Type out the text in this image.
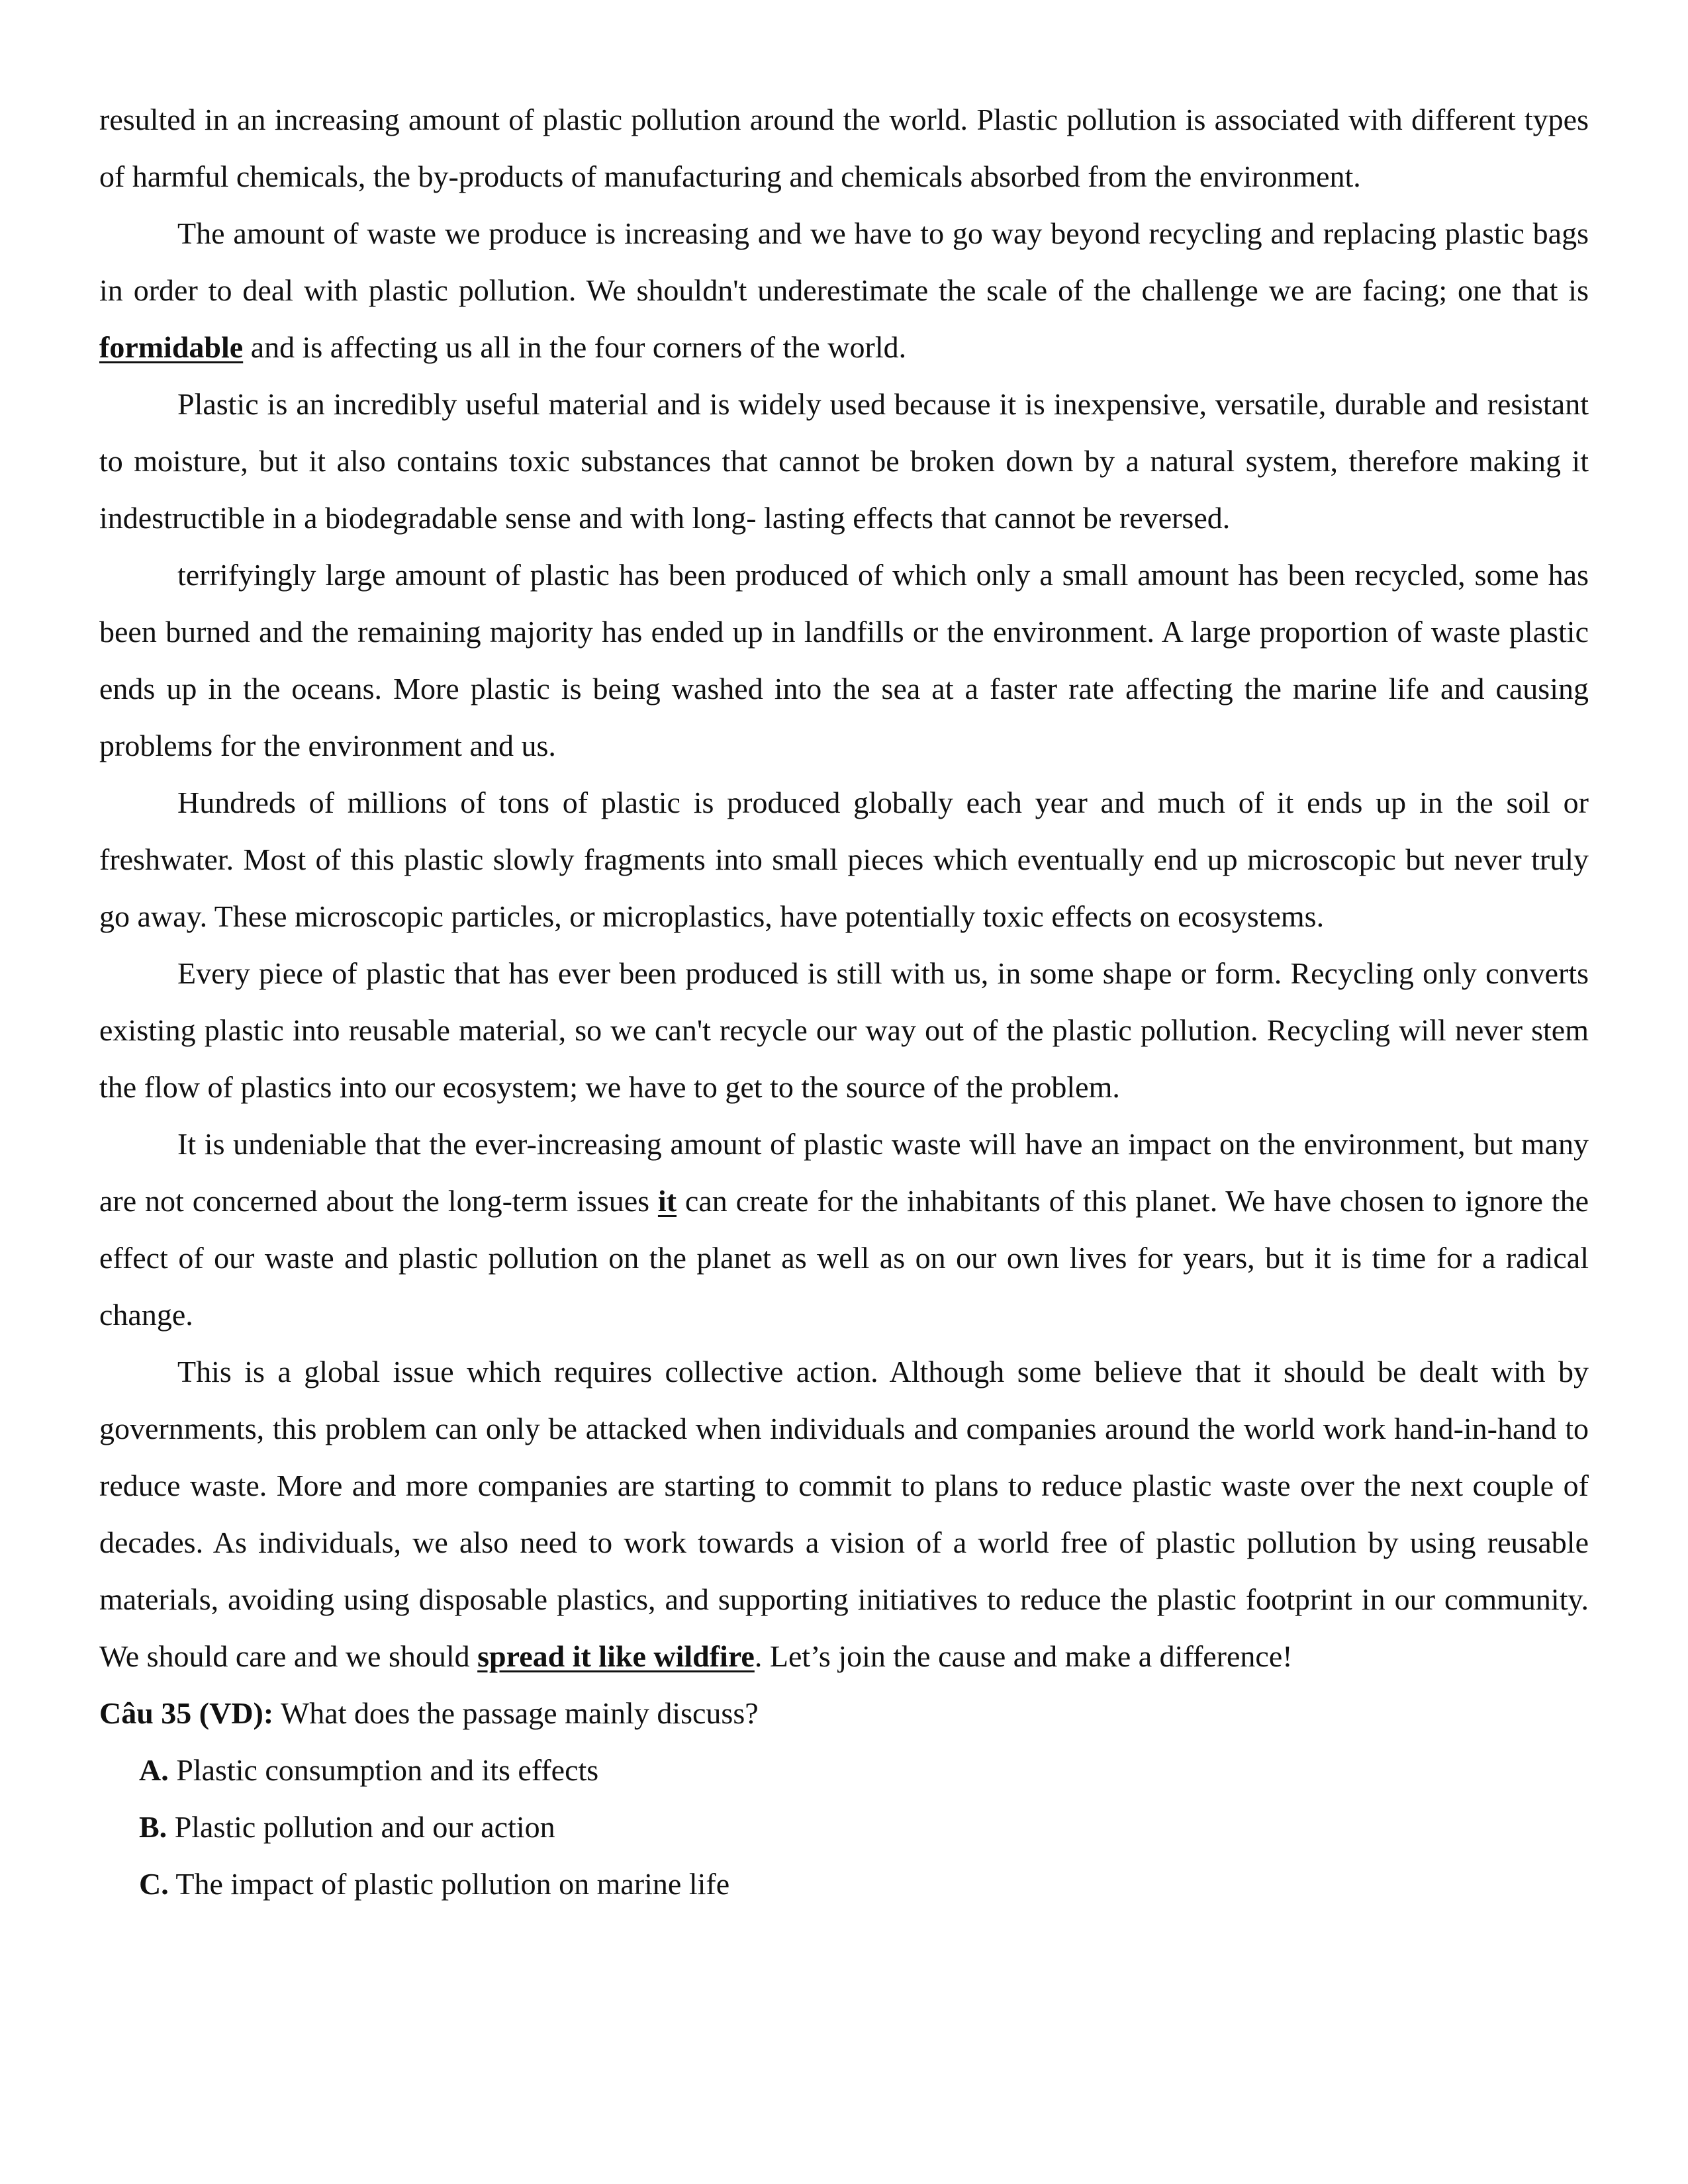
resulted in an increasing amount of plastic pollution around the world. Plastic pollution is associated with different types of harmful chemicals, the by-products of manufacturing and chemicals absorbed from the environment.

The amount of waste we produce is increasing and we have to go way beyond recycling and replacing plastic bags in order to deal with plastic pollution. We shouldn't underestimate the scale of the challenge we are facing; one that is formidable and is affecting us all in the four corners of the world.

Plastic is an incredibly useful material and is widely used because it is inexpensive, versatile, durable and resistant to moisture, but it also contains toxic substances that cannot be broken down by a natural system, therefore making it indestructible in a biodegradable sense and with long- lasting effects that cannot be reversed.

terrifyingly large amount of plastic has been produced of which only a small amount has been recycled, some has been burned and the remaining majority has ended up in landfills or the environment. A large proportion of waste plastic ends up in the oceans. More plastic is being washed into the sea at a faster rate affecting the marine life and causing problems for the environment and us.

Hundreds of millions of tons of plastic is produced globally each year and much of it ends up in the soil or freshwater. Most of this plastic slowly fragments into small pieces which eventually end up microscopic but never truly go away. These microscopic particles, or microplastics, have potentially toxic effects on ecosystems.

Every piece of plastic that has ever been produced is still with us, in some shape or form. Recycling only converts existing plastic into reusable material, so we can't recycle our way out of the plastic pollution. Recycling will never stem the flow of plastics into our ecosystem; we have to get to the source of the problem.

It is undeniable that the ever-increasing amount of plastic waste will have an impact on the environment, but many are not concerned about the long-term issues it can create for the inhabitants of this planet. We have chosen to ignore the effect of our waste and plastic pollution on the planet as well as on our own lives for years, but it is time for a radical change.

This is a global issue which requires collective action. Although some believe that it should be dealt with by governments, this problem can only be attacked when individuals and companies around the world work hand-in-hand to reduce waste. More and more companies are starting to commit to plans to reduce plastic waste over the next couple of decades. As individuals, we also need to work towards a vision of a world free of plastic pollution by using reusable materials, avoiding using disposable plastics, and supporting initiatives to reduce the plastic footprint in our community. We should care and we should spread it like wildfire. Let’s join the cause and make a difference!

Câu 35 (VD): What does the passage mainly discuss?

A. Plastic consumption and its effects

B. Plastic pollution and our action

C. The impact of plastic pollution on marine life
